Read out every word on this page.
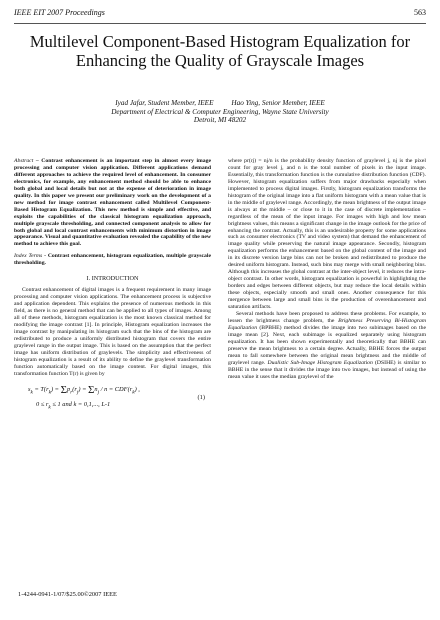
IEEE EIT 2007 Proceedings	563
Multilevel Component-Based Histogram Equalization for Enhancing the Quality of Grayscale Images
Iyad Jafar, Student Member, IEEE          Hao Ying, Senior Member, IEEE
Department of Electrical & Computer Engineering, Wayne State University
Detroit, MI 48202

Abstract – Contrast enhancement is an important step in almost every image processing and computer vision application. Different applications demand different approaches to achieve the required level of enhancement. In consumer electronics, for example, any enhancement method should be able to enhance both global and local details but not at the expense of deterioration in image quality. In this paper we present our preliminary work on the development of a new method for image contrast enhancement called Multilevel Component-Based Histogram Equalization. This new method is simple and effective, and exploits the capabilities of the classical histogram equalization approach, multiple grayscale thresholding, and connected component analysis to allow for both global and local contrast enhancements with minimum distortion in image appearance. Visual and quantitative evaluation revealed the capability of the new method to achieve this goal.

Index Terms - Contrast enhancement, histogram equalization, multiple grayscale thresholding.

I. INTRODUCTION

Contrast enhancement of digital images is a frequent requirement in many image processing and computer vision applications. The enhancement process is subjective and application dependent. This explains the presence of numerous methods in this field, as there is no general method that can be applied to all types of images. Among all of these methods, histogram equalization is the most known classical method for modifying the image contrast [1]. In principle, Histogram equalization increases the image contrast by manipulating its histogram such that the bins of the histogram are redistributed to produce a uniformly distributed histogram that covers the entire graylevel range in the output image. This is based on the assumption that the perfect image has uniform distribution of graylevels. The simplicity and effectiveness of histogram equalization is a result of its ability to define the graylevel transformation function automatically based on the image content. For digital images, this transformation function T(r) is given by

$s_k = T(r_k) = \Sigma p_r(r_j) = \Sigma n_j / n = CDF(r_k)$ ,
(1)
$0 \le r_k \le 1$ and k = 0,1,..., L-1

where p⁣r(r⁣j) = n⁣j/n is the probability density function of graylevel j, n⁣j is the pixel count for gray level j, and n is the total number of pixels in the input image. Essentially, this transformation function is the cumulative distribution function (CDF). However, histogram equalization suffers from major drawbacks especially when implemented to process digital images. Firstly, histogram equalization transforms the histogram of the original image into a flat uniform histogram with a mean value that is in the middle of graylevel range. Accordingly, the mean brightness of the output image is always at the middle – or close to it in the case of discrete implementation – regardless of the mean of the input image. For images with high and low mean brightness values, this means a significant change in the image outlook for the price of enhancing the contrast. Actually, this is an undesirable property for some applications such as consumer electronics (TV and video system) that demand the enhancement of image quality while preserving the natural image appearance. Secondly, histogram equalization performs the enhancement based on the global content of the image and in its discrete version large bins can not be broken and redistributed to produce the desired uniform histogram. Instead, such bins may merge with small neighboring bins. Although this increases the global contrast at the inter-object level, it reduces the intra-object contrast. In other words, histogram equalization is powerful in highlighting the borders and edges between different objects, but may reduce the local details within these objects, especially smooth and small ones. Another consequence for this mergence between large and small bins is the production of overenhancement and saturation artifacts.

Several methods have been proposed to address these problems. For example, to lessen the brightness change problem, the Brightness Preserving Bi-Histogram Equalization (BPBHE) method divides the image into two subimages based on the image mean [2]. Next, each subimage is equalized separately using histogram equalization. It has been shown experimentally and theoretically that BBHE can preserve the mean brightness to a certain degree. Actually, BBHE forces the output mean to fall somewhere between the original mean brightness and the middle of graylevel range. Dualistic Sub-Image Histogram Equalization (DSIHE) is similar to BBHE in the sense that it divides the image into two images, but instead of using the mean value it uses the median graylevel of the

1-4244-0941-1/07/$25.00©2007 IEEE
